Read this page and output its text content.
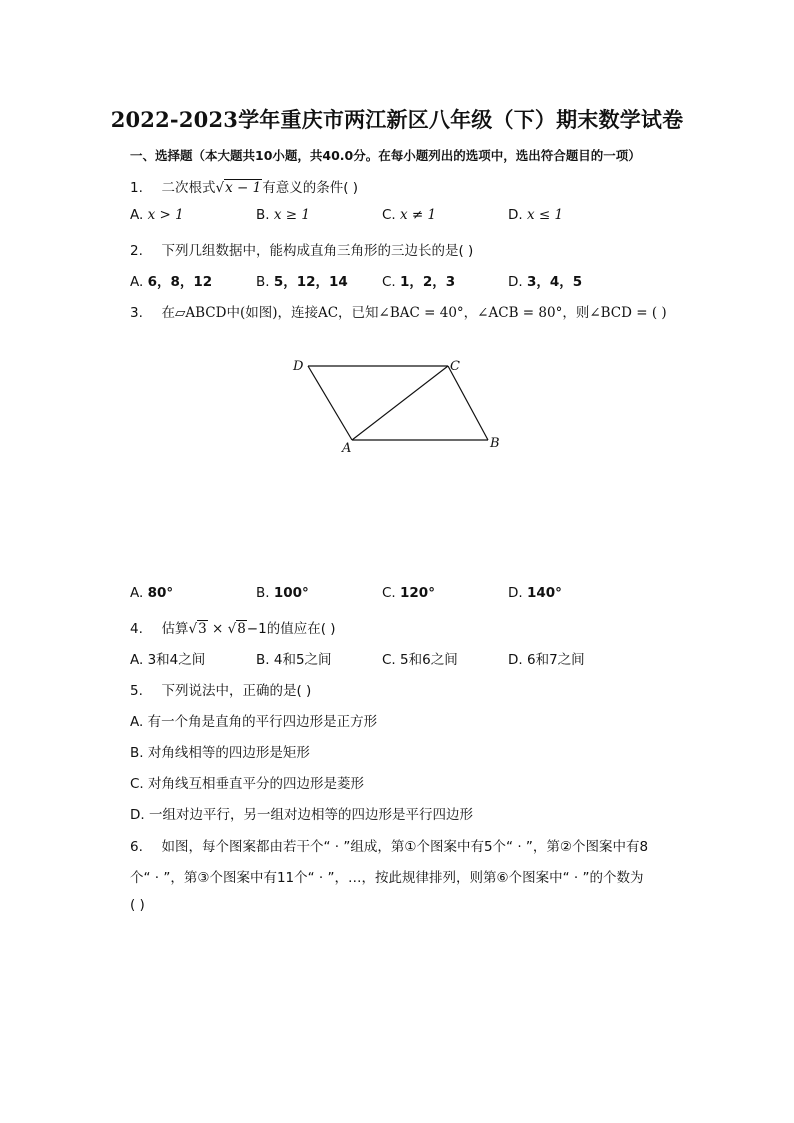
2022-2023学年重庆市两江新区八年级（下）期末数学试卷
一、选择题（本大题共10小题，共40.0分。在每小题列出的选项中，选出符合题目的一项）
1. 二次根式√x − 1有意义的条件( )
A. x > 1	B. x ≥ 1	C. x ≠ 1	D. x ≤ 1
2. 下列几组数据中，能构成直角三角形的三边长的是( )
A. 6，8，12	B. 5，12，14	C. 1，2，3	D. 3，4，5
3. 在▱ABCD中(如图)，连接AC，已知∠BAC = 40°，∠ACB = 80°，则∠BCD = ( )
D	C
A	B
A. 80°	B. 100°	C. 120°	D. 140°
4. 估算√3 × √8−1的值应在( )
A. 3和4之间	B. 4和5之间	C. 5和6之间	D. 6和7之间
5. 下列说法中，正确的是( )
A. 有一个角是直角的平行四边形是正方形
B. 对角线相等的四边形是矩形
C. 对角线互相垂直平分的四边形是菱形
D. 一组对边平行，另一组对边相等的四边形是平行四边形
6. 如图，每个图案都由若干个“ · ”组成，第①个图案中有5个“ · ”，第②个图案中有8
个“ · ”，第③个图案中有11个“ · ”，…，按此规律排列，则第⑥个图案中“ · ”的个数为
( )
